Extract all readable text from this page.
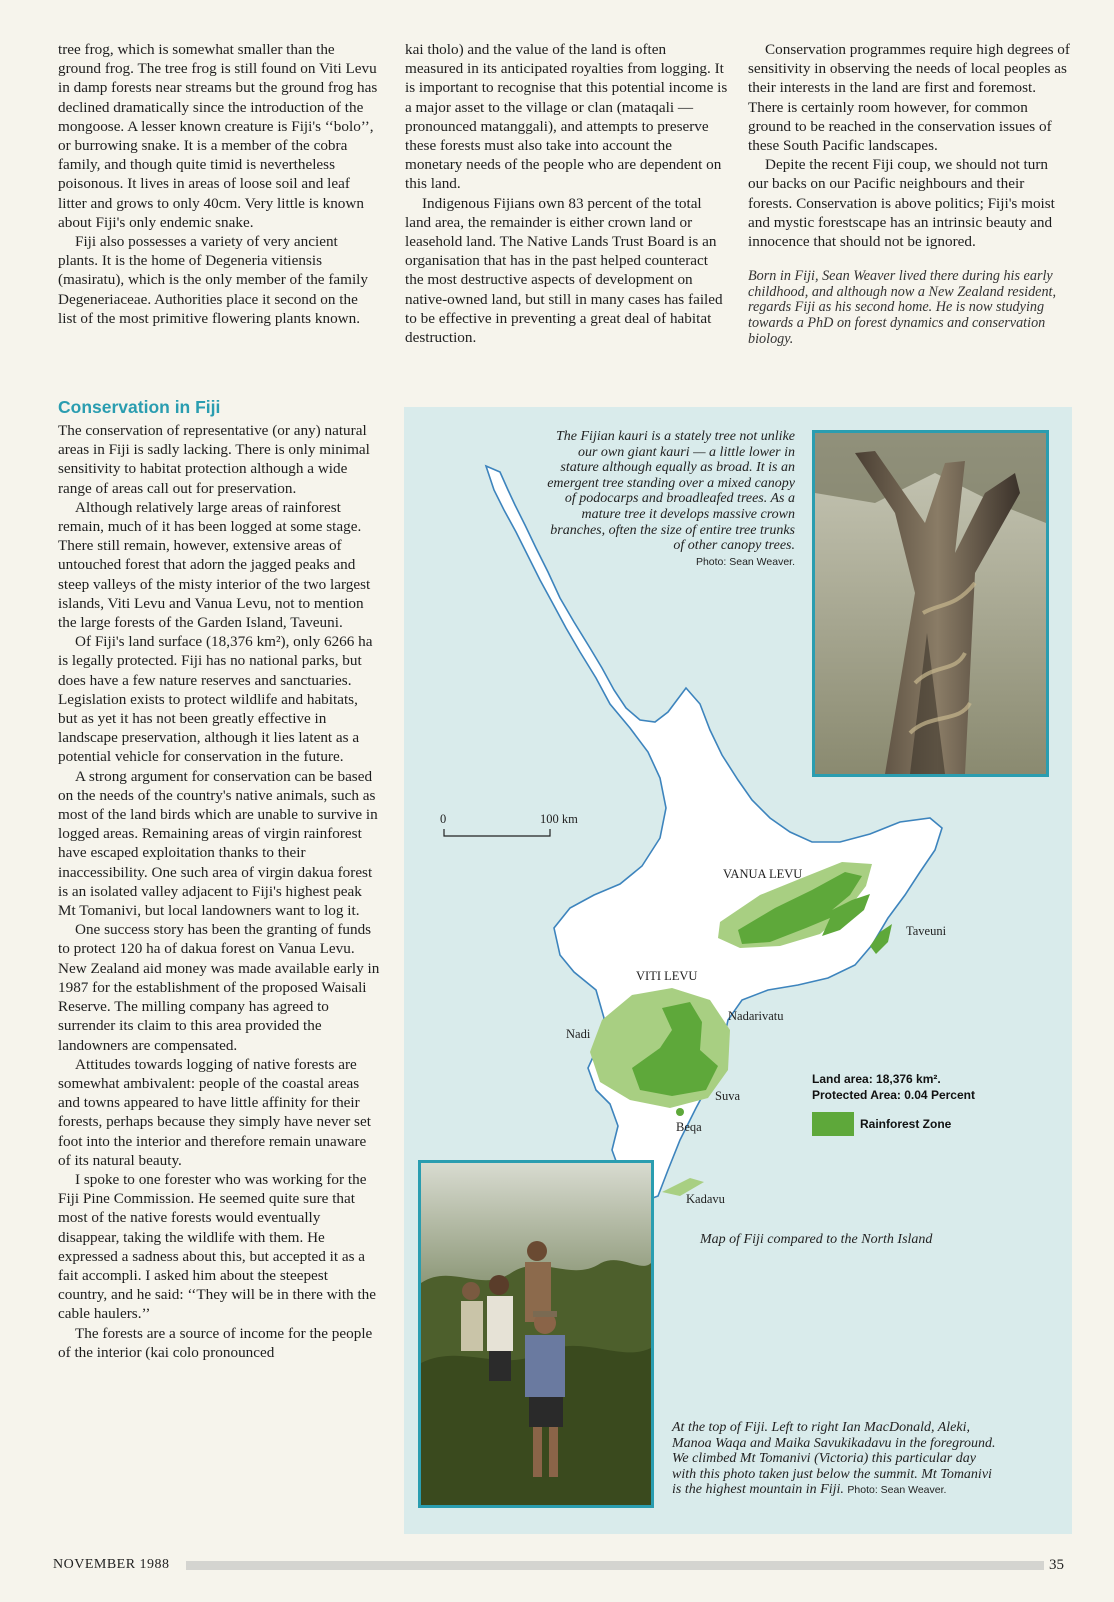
tree frog, which is somewhat smaller than the ground frog. The tree frog is still found on Viti Levu in damp forests near streams but the ground frog has declined dramatically since the introduction of the mongoose. A lesser known creature is Fiji's ‘‘bolo’’, or burrowing snake. It is a member of the cobra family, and though quite timid is nevertheless poisonous. It lives in areas of loose soil and leaf litter and grows to only 40cm. Very little is known about Fiji's only endemic snake.

Fiji also possesses a variety of very ancient plants. It is the home of Degeneria vitiensis (masiratu), which is the only member of the family Degeneriaceae. Authorities place it second on the list of the most primitive flowering plants known.

Conservation in Fiji

The conservation of representative (or any) natural areas in Fiji is sadly lacking. There is only minimal sensitivity to habitat protection although a wide range of areas call out for preservation.

Although relatively large areas of rainforest remain, much of it has been logged at some stage. There still remain, however, extensive areas of untouched forest that adorn the jagged peaks and steep valleys of the misty interior of the two largest islands, Viti Levu and Vanua Levu, not to mention the large forests of the Garden Island, Taveuni.

Of Fiji's land surface (18,376 km²), only 6266 ha is legally protected. Fiji has no national parks, but does have a few nature reserves and sanctuaries. Legislation exists to protect wildlife and habitats, but as yet it has not been greatly effective in landscape preservation, although it lies latent as a potential vehicle for conservation in the future.

A strong argument for conservation can be based on the needs of the country's native animals, such as most of the land birds which are unable to survive in logged areas. Remaining areas of virgin rainforest have escaped exploitation thanks to their inaccessibility. One such area of virgin dakua forest is an isolated valley adjacent to Fiji's highest peak Mt Tomanivi, but local landowners want to log it.

One success story has been the granting of funds to protect 120 ha of dakua forest on Vanua Levu. New Zealand aid money was made available early in 1987 for the establishment of the proposed Waisali Reserve. The milling company has agreed to surrender its claim to this area provided the landowners are compensated.

Attitudes towards logging of native forests are somewhat ambivalent: people of the coastal areas and towns appeared to have little affinity for their forests, perhaps because they simply have never set foot into the interior and therefore remain unaware of its natural beauty.

I spoke to one forester who was working for the Fiji Pine Commission. He seemed quite sure that most of the native forests would eventually disappear, taking the wildlife with them. He expressed a sadness about this, but accepted it as a fait accompli. I asked him about the steepest country, and he said: ‘‘They will be in there with the cable haulers.’’

The forests are a source of income for the people of the interior (kai colo pronounced

kai tholo) and the value of the land is often measured in its anticipated royalties from logging. It is important to recognise that this potential income is a major asset to the village or clan (mataqali — pronounced matanggali), and attempts to preserve these forests must also take into account the monetary needs of the people who are dependent on this land.

Indigenous Fijians own 83 percent of the total land area, the remainder is either crown land or leasehold land. The Native Lands Trust Board is an organisation that has in the past helped counteract the most destructive aspects of development on native-owned land, but still in many cases has failed to be effective in preventing a great deal of habitat destruction.

Conservation programmes require high degrees of sensitivity in observing the needs of local peoples as their interests in the land are first and foremost. There is certainly room however, for common ground to be reached in the conservation issues of these South Pacific landscapes.

Depite the recent Fiji coup, we should not turn our backs on our Pacific neighbours and their forests. Conservation is above politics; Fiji's moist and mystic forestscape has an intrinsic beauty and innocence that should not be ignored.

Born in Fiji, Sean Weaver lived there during his early childhood, and although now a New Zealand resident, regards Fiji as his second home. He is now studying towards a PhD on forest dynamics and conservation biology.
0	100 km
VANUA LEVU
Taveuni
VITI LEVU
Nadarivatu
Nadi
Suva
Beqa
Kadavu
Land area: 18,376 km².
Protected Area: 0.04 Percent
Rainforest Zone
Map of Fiji compared to the North Island
The Fijian kauri is a stately tree not unlike our own giant kauri — a little lower in stature although equally as broad. It is an emergent tree standing over a mixed canopy of podocarps and broadleafed trees. As a mature tree it develops massive crown branches, often the size of entire tree trunks of other canopy trees.
Photo: Sean Weaver.
At the top of Fiji. Left to right Ian MacDonald, Aleki, Manoa Waqa and Maika Savukikadavu in the foreground. We climbed Mt Tomanivi (Victoria) this particular day with this photo taken just below the summit. Mt Tomanivi is the highest mountain in Fiji. Photo: Sean Weaver.
NOVEMBER 1988	35
